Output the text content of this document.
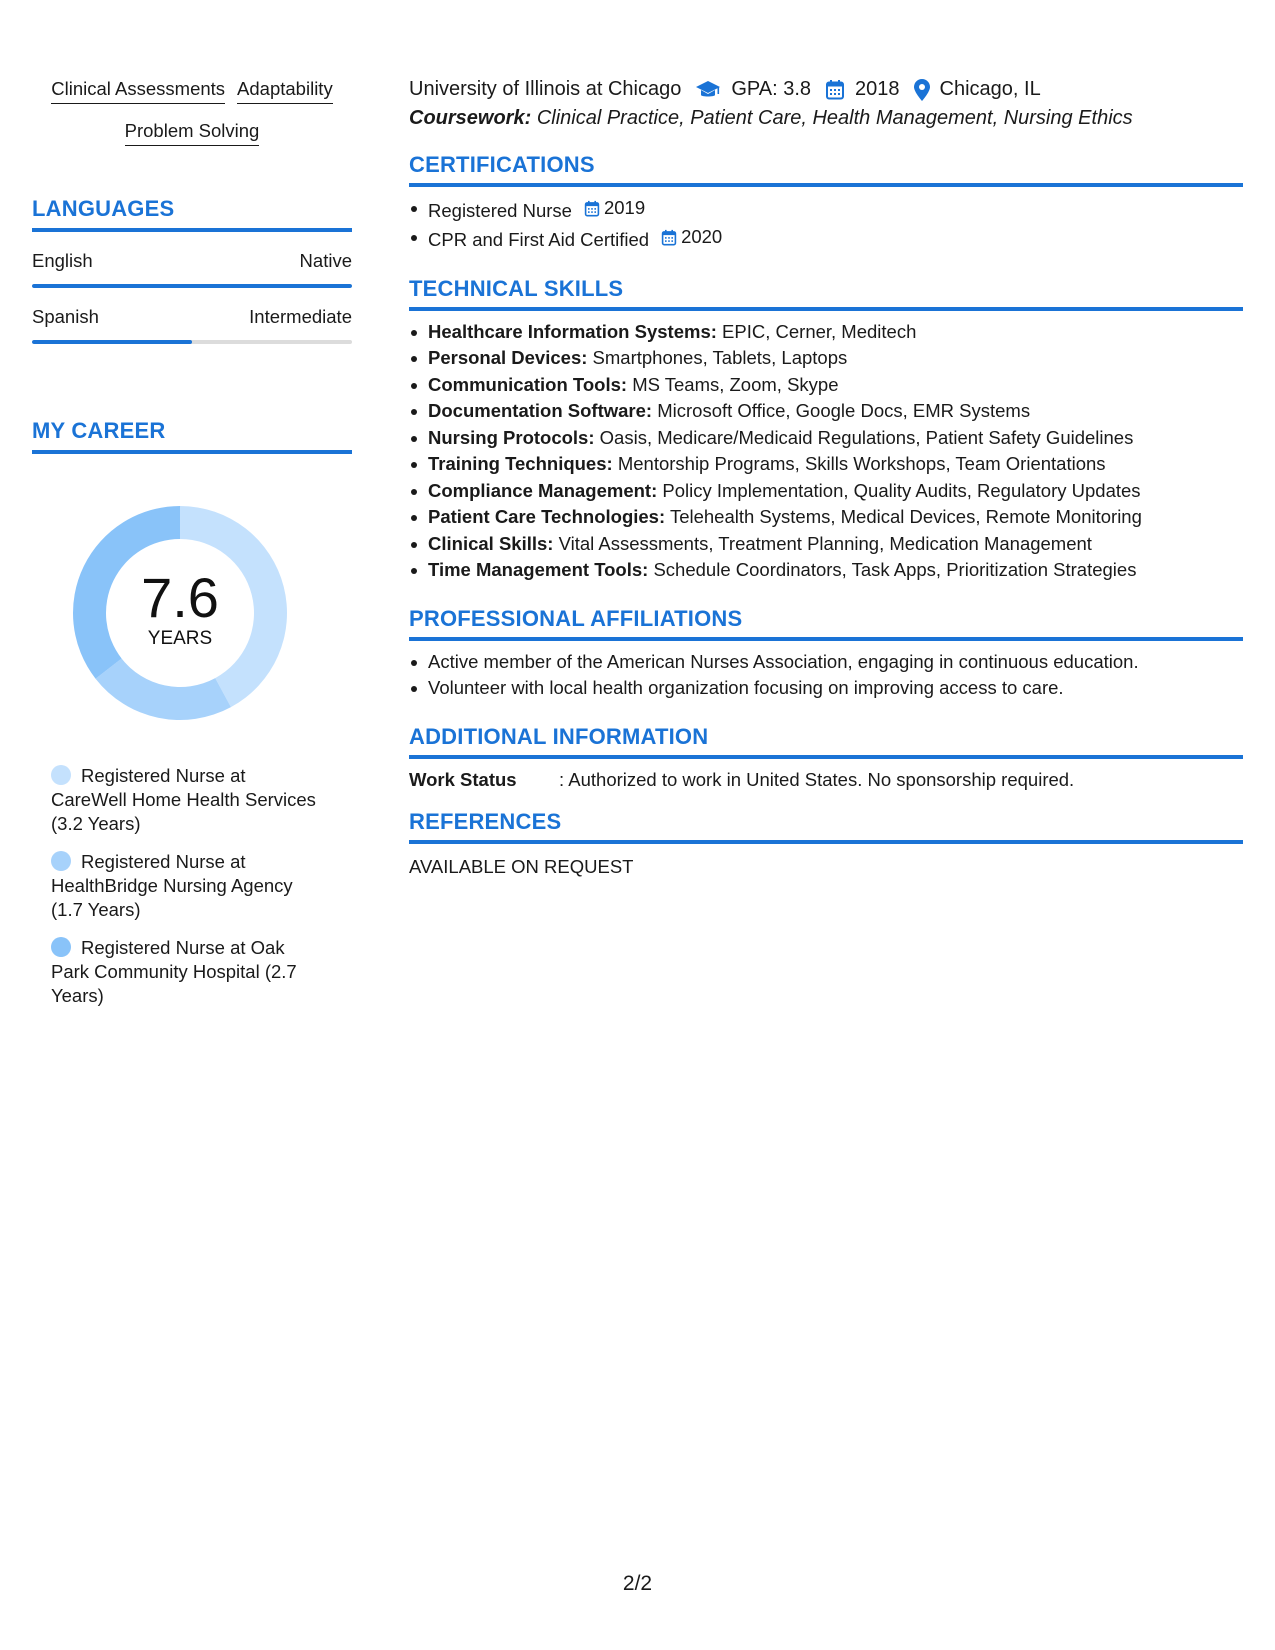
Clinical Assessments Adaptability
Problem Solving
LANGUAGES
English	Native
Spanish	Intermediate
MY CAREER
7.6
YEARS
Registered Nurse at CareWell Home Health Services (3.2 Years)
Registered Nurse at HealthBridge Nursing Agency (1.7 Years)
Registered Nurse at Oak Park Community Hospital (2.7 Years)
University of Illinois at Chicago	GPA: 3.8 2018 Chicago, IL
Coursework: Clinical Practice, Patient Care, Health Management, Nursing Ethics
CERTIFICATIONS
Registered Nurse 2019
CPR and First Aid Certified 2020
TECHNICAL SKILLS
Healthcare Information Systems: EPIC, Cerner, Meditech
Personal Devices: Smartphones, Tablets, Laptops
Communication Tools: MS Teams, Zoom, Skype
Documentation Software: Microsoft Office, Google Docs, EMR Systems
Nursing Protocols: Oasis, Medicare/Medicaid Regulations, Patient Safety Guidelines
Training Techniques: Mentorship Programs, Skills Workshops, Team Orientations
Compliance Management: Policy Implementation, Quality Audits, Regulatory Updates
Patient Care Technologies: Telehealth Systems, Medical Devices, Remote Monitoring
Clinical Skills: Vital Assessments, Treatment Planning, Medication Management
Time Management Tools: Schedule Coordinators, Task Apps, Prioritization Strategies
PROFESSIONAL AFFILIATIONS
Active member of the American Nurses Association, engaging in continuous education.
Volunteer with local health organization focusing on improving access to care.
ADDITIONAL INFORMATION
Work Status	: Authorized to work in United States. No sponsorship required.
REFERENCES
AVAILABLE ON REQUEST
2/2
